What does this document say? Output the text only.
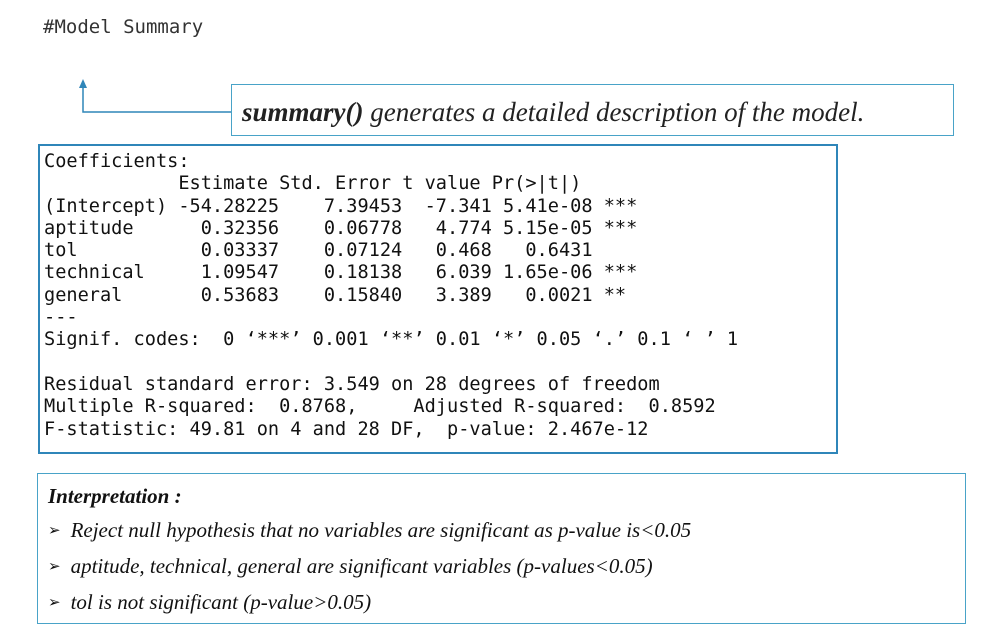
#Model Summary
summary() generates a detailed description of the model.
Coefficients:
Estimate Std. Error t value Pr(>|t|)
(Intercept) -54.28225    7.39453  -7.341 5.41e-08 ***
aptitude      0.32356    0.06778   4.774 5.15e-05 ***
tol           0.03337    0.07124   0.468   0.6431
technical     1.09547    0.18138   6.039 1.65e-06 ***
general       0.53683    0.15840   3.389   0.0021 **
---
Signif. codes:  0 ‘***’ 0.001 ‘**’ 0.01 ‘*’ 0.05 ‘.’ 0.1 ‘ ’ 1

Residual standard error: 3.549 on 28 degrees of freedom
Multiple R-squared:  0.8768,     Adjusted R-squared:  0.8592
F-statistic: 49.81 on 4 and 28 DF,  p-value: 2.467e-12
Interpretation :
➢ Reject null hypothesis that no variables are significant as p-value is<0.05
➢ aptitude, technical, general are significant variables (p-values<0.05)
➢ tol is not significant (p-value>0.05)
